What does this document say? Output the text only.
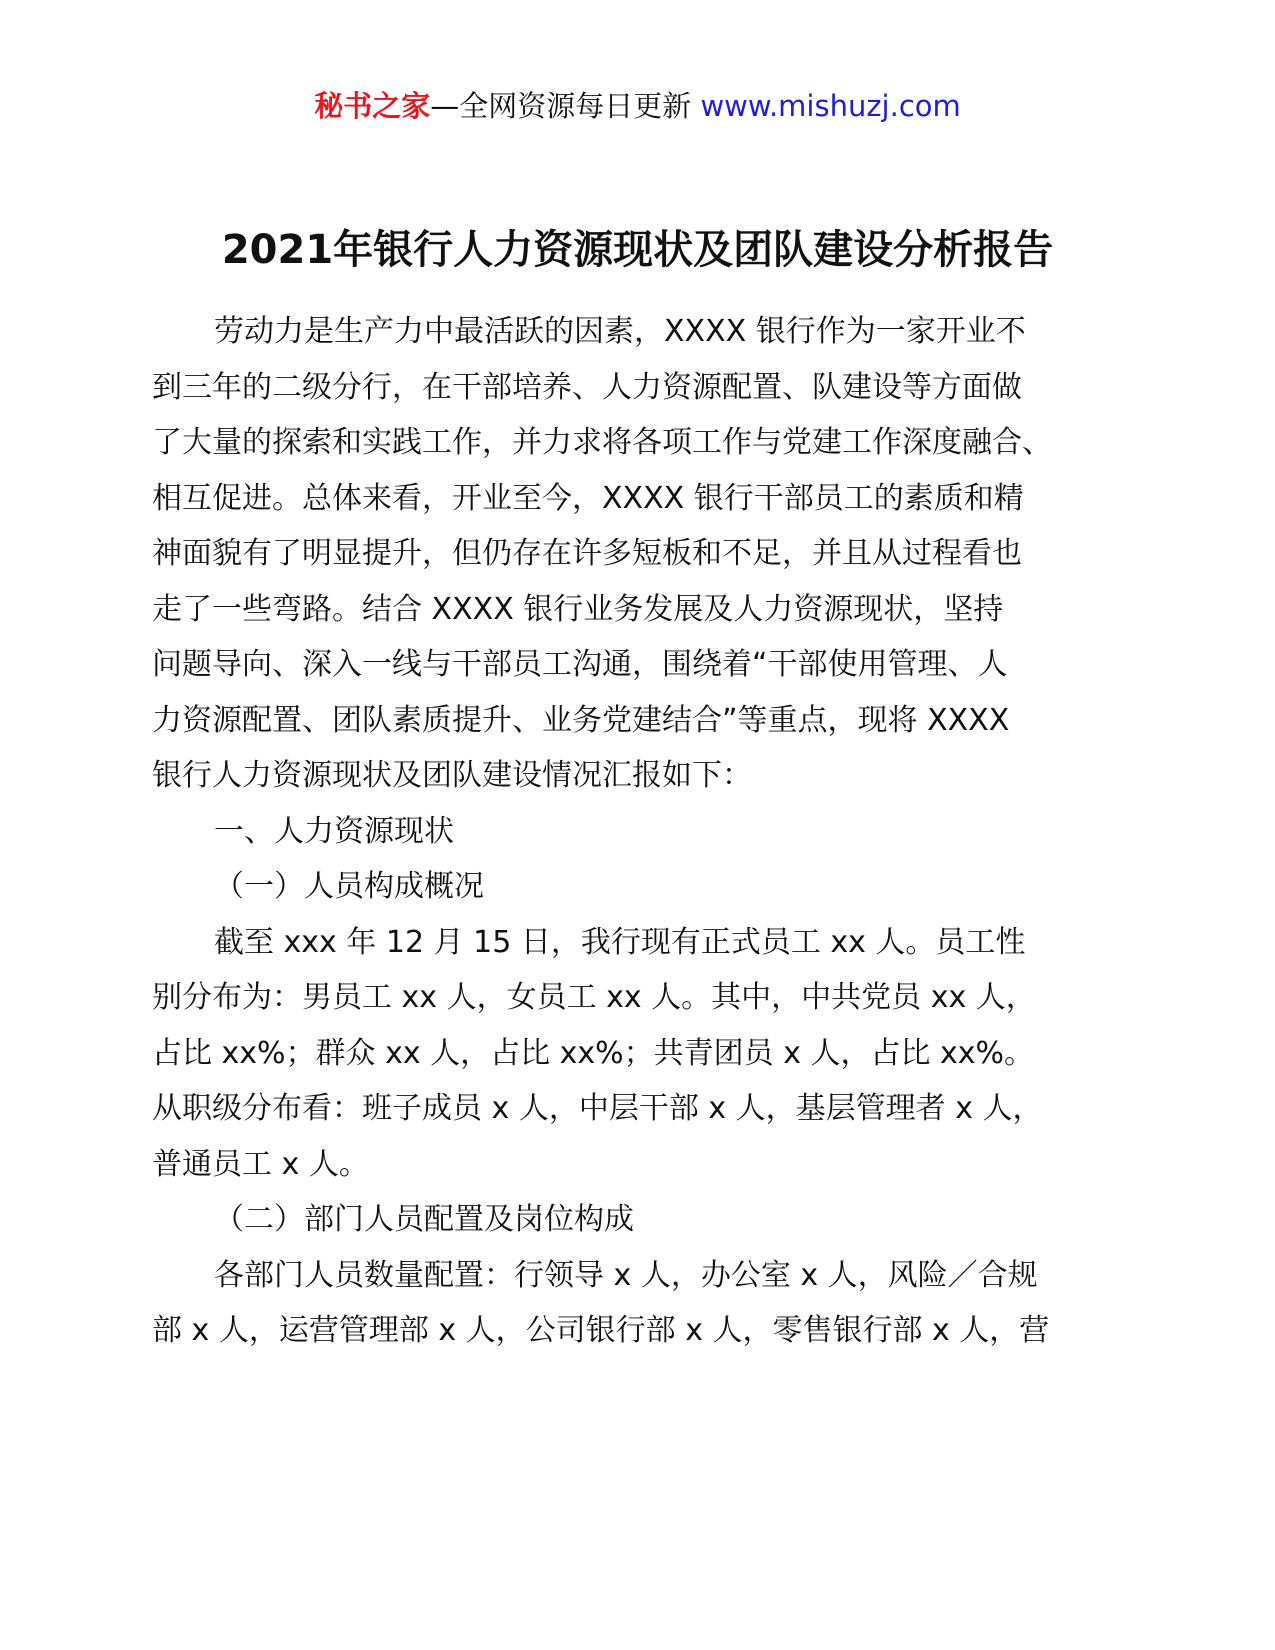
秘书之家—全网资源每日更新 www.mishuzj.com
2021年银行人力资源现状及团队建设分析报告
劳动力是生产力中最活跃的因素，XXXX 银行作为一家开业不
到三年的二级分行，在干部培养、人力资源配置、队建设等方面做
了大量的探索和实践工作，并力求将各项工作与党建工作深度融合、
相互促进。总体来看，开业至今，XXXX 银行干部员工的素质和精
神面貌有了明显提升，但仍存在许多短板和不足，并且从过程看也
走了一些弯路。结合 XXXX 银行业务发展及人力资源现状，坚持
问题导向、深入一线与干部员工沟通，围绕着“干部使用管理、人
力资源配置、团队素质提升、业务党建结合”等重点，现将 XXXX
银行人力资源现状及团队建设情况汇报如下：
一、人力资源现状
（一）人员构成概况
截至 xxx 年 12 月 15 日，我行现有正式员工 xx 人。员工性
别分布为：男员工 xx 人，女员工 xx 人。其中，中共党员 xx 人，
占比 xx%；群众 xx 人，占比 xx%；共青团员 x 人，占比 xx%。
从职级分布看：班子成员 x 人，中层干部 x 人，基层管理者 x 人，
普通员工 x 人。
（二）部门人员配置及岗位构成
各部门人员数量配置：行领导 x 人，办公室 x 人，风险／合规
部 x 人，运营管理部 x 人，公司银行部 x 人，零售银行部 x 人，营
